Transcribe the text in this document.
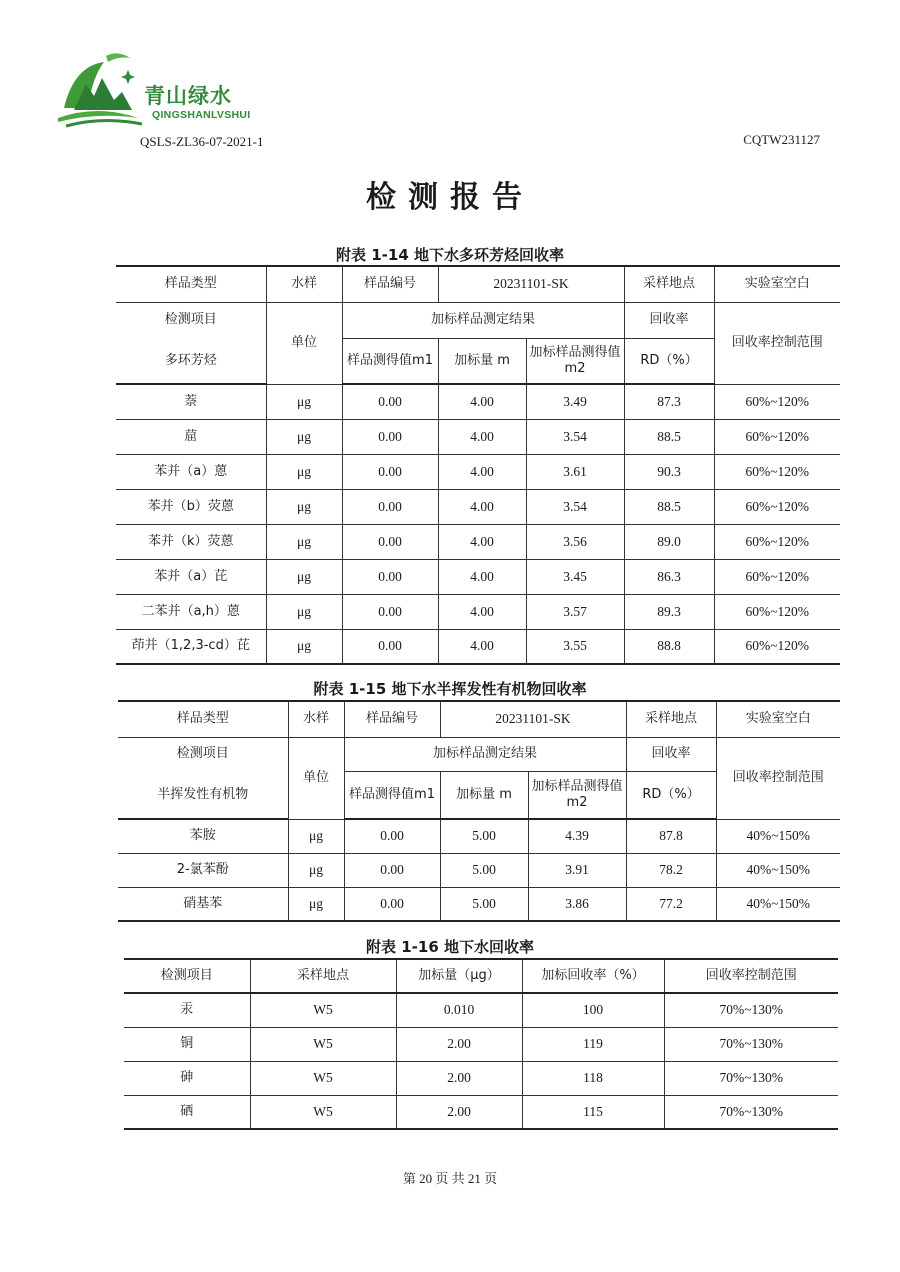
青山绿水
QINGSHANLVSHUI
QSLS-ZL36-07-2021-1	CQTW231127
检测报告
附表 1-14 地下水多环芳烃回收率
样品类型	水样	样品编号	20231101-SK		采样地点	实验室空白
检测项目	单位	加标样品测定结果			回收率	回收率控制范围
多环芳烃		样品测得值m1	加标量 m	加标样品测得值 m2	RD（%）	
萘	μg	0.00	4.00	3.49	87.3	60%~120%
䓛	μg	0.00	4.00	3.54	88.5	60%~120%
苯并（a）蒽	μg	0.00	4.00	3.61	90.3	60%~120%
苯并（b）荧蒽	μg	0.00	4.00	3.54	88.5	60%~120%
苯并（k）荧蒽	μg	0.00	4.00	3.56	89.0	60%~120%
苯并（a）芘	μg	0.00	4.00	3.45	86.3	60%~120%
二苯并（a,h）蒽	μg	0.00	4.00	3.57	89.3	60%~120%
茚并（1,2,3-cd）芘	μg	0.00	4.00	3.55	88.8	60%~120%
附表 1-15 地下水半挥发性有机物回收率
样品类型	水样	样品编号	20231101-SK		采样地点	实验室空白
检测项目	单位	加标样品测定结果			回收率	回收率控制范围
半挥发性有机物		样品测得值m1	加标量 m	加标样品测得值 m2	RD（%）	
苯胺	μg	0.00	5.00	4.39	87.8	40%~150%
2-氯苯酚	μg	0.00	5.00	3.91	78.2	40%~150%
硝基苯	μg	0.00	5.00	3.86	77.2	40%~150%
附表 1-16 地下水回收率
检测项目	采样地点	加标量（μg）	加标回收率（%）	回收率控制范围
汞	W5	0.010	100	70%~130%
铜	W5	2.00	119	70%~130%
砷	W5	2.00	118	70%~130%
硒	W5	2.00	115	70%~130%
第 20 页 共 21 页
